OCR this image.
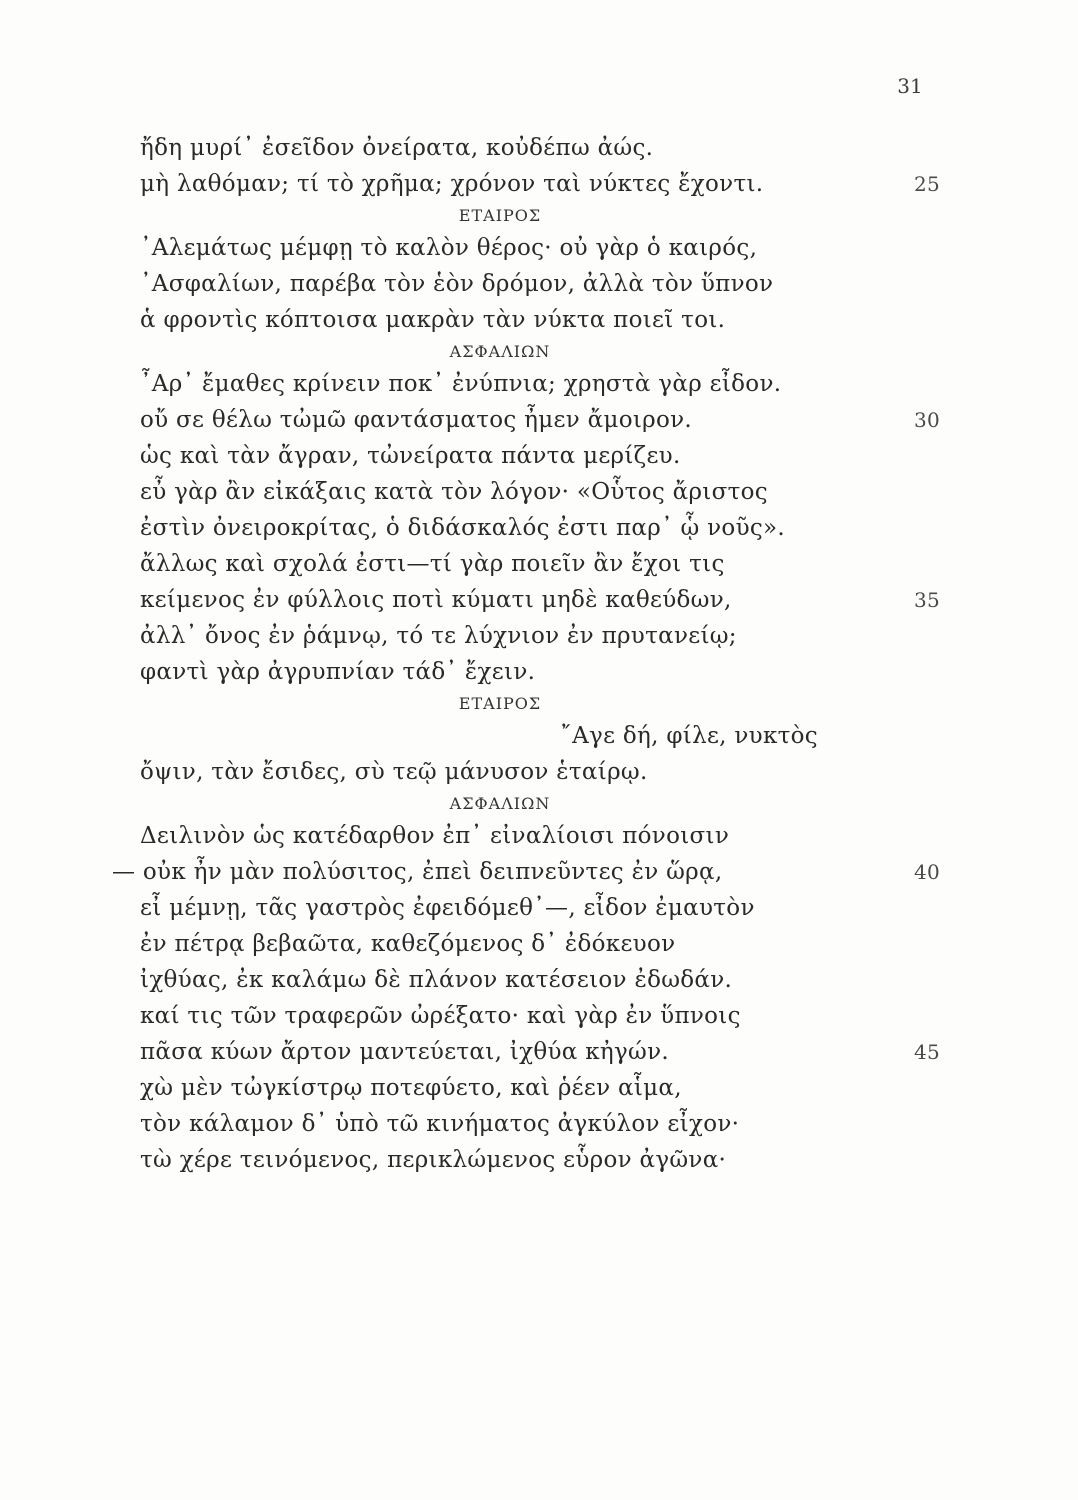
31
ἤδη μυρί᾽ ἐσεῖδον ὀνείρατα, κοὐδέπω ἀώς.
μὴ λαθόμαν; τί τὸ χρῆμα; χρόνον ταὶ νύκτες ἔχοντι.	25
ΕΤΑΙΡΟΣ
᾿Αλεμάτως μέμφῃ τὸ καλὸν θέρος· οὐ γὰρ ὁ καιρός,
᾿Ασφαλίων, παρέβα τὸν ἑὸν δρόμον, ἀλλὰ τὸν ὕπνον
ἁ φροντὶς κόπτοισα μακρὰν τὰν νύκτα ποιεῖ τοι.
ΑΣΦΑΛΙΩΝ
῏Αρ᾽ ἔμαθες κρίνειν ποκ᾽ ἐνύπνια; χρηστὰ γὰρ εἶδον.
οὔ σε θέλω τὠμῶ φαντάσματος ἦμεν ἄμοιρον.	30
ὡς καὶ τὰν ἄγραν, τὠνείρατα πάντα μερίζευ.
εὖ γὰρ ἂν εἰκάξαις κατὰ τὸν λόγον· «Οὗτος ἄριστος
ἐστὶν ὀνειροκρίτας, ὁ διδάσκαλός ἐστι παρ᾽ ᾧ νοῦς».
ἄλλως καὶ σχολά ἐστι—τί γὰρ ποιεῖν ἂν ἔχοι τις
κείμενος ἐν φύλλοις ποτὶ κύματι μηδὲ καθεύδων,	35
ἀλλ᾽ ὄνος ἐν ῥάμνῳ, τό τε λύχνιον ἐν πρυτανείῳ;
φαντὶ γὰρ ἀγρυπνίαν τάδ᾽ ἔχειν.
ΕΤΑΙΡΟΣ
῎Αγε δή, φίλε, νυκτὸς
ὄψιν, τὰν ἔσιδες, σὺ τεῷ μάνυσον ἑταίρῳ.
ΑΣΦΑΛΙΩΝ
Δειλινὸν ὡς κατέδαρθον ἐπ᾽ εἰναλίοισι πόνοισιν
— οὐκ ἦν μὰν πολύσιτος, ἐπεὶ δειπνεῦντες ἐν ὥρᾳ,	40
εἶ μέμνῃ, τᾶς γαστρὸς ἐφειδόμεθ᾽—, εἶδον ἐμαυτὸν
ἐν πέτρᾳ βεβαῶτα, καθεζόμενος δ᾽ ἐδόκευον
ἰχθύας, ἐκ καλάμω δὲ πλάνον κατέσειον ἐδωδάν.
καί τις τῶν τραφερῶν ὠρέξατο· καὶ γὰρ ἐν ὕπνοις
πᾶσα κύων ἄρτον μαντεύεται, ἰχθύα κἠγών.	45
χὼ μὲν τὠγκίστρῳ ποτεφύετο, καὶ ῥέεν αἷμα,
τὸν κάλαμον δ᾽ ὑπὸ τῶ κινήματος ἀγκύλον εἶχον·
τὼ χέρε τεινόμενος, περικλώμενος εὗρον ἀγῶνα·
